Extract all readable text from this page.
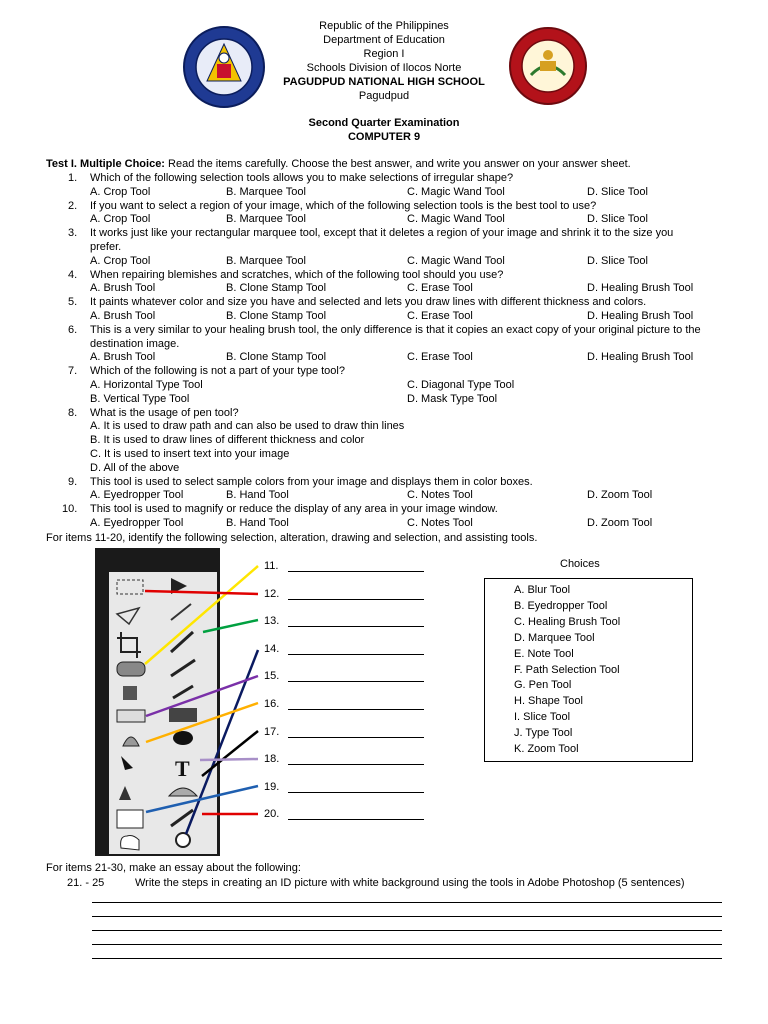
Republic of the Philippines
Department of Education
Region I
Schools Division of Ilocos Norte
PAGUDPUD NATIONAL HIGH SCHOOL
Pagudpud
Second Quarter Examination
COMPUTER 9
Test I. Multiple Choice: Read the items carefully. Choose the best answer, and write you answer on your answer sheet.
1. Which of the following selection tools allows you to make selections of irregular shape?
A. Crop Tool	B. Marquee Tool	C. Magic Wand Tool	D. Slice Tool
2. If you want to select a region of your image, which of the following selection tools is the best tool to use?
A. Crop Tool	B. Marquee Tool	C. Magic Wand Tool	D. Slice Tool
3. It works just like your rectangular marquee tool, except that it deletes a region of your image and shrink it to the size you
prefer.
A. Crop Tool	B. Marquee Tool	C. Magic Wand Tool	D. Slice Tool
4. When repairing blemishes and scratches, which of the following tool should you use?
A. Brush Tool	B. Clone Stamp Tool	C. Erase Tool	D. Healing Brush Tool
5. It paints whatever color and size you have and selected and lets you draw lines with different thickness and colors.
A. Brush Tool	B. Clone Stamp Tool	C. Erase Tool	D. Healing Brush Tool
6. This is a very similar to your healing brush tool, the only difference is that it copies an exact copy of your original picture to the
destination image.
A. Brush Tool	B. Clone Stamp Tool	C. Erase Tool	D. Healing Brush Tool
7. Which of the following is not a part of your type tool?
A. Horizontal Type Tool	C. Diagonal Type Tool
B. Vertical Type Tool	D. Mask Type Tool
8. What is the usage of pen tool?
A. It is used to draw path and can also be used to draw thin lines
B. It is used to draw lines of different thickness and color
C. It is used to insert text into your image
D. All of the above
9. This tool is used to select sample colors from your image and displays them in color boxes.
A. Eyedropper Tool	B. Hand Tool	C. Notes Tool	D. Zoom Tool
10. This tool is used to magnify or reduce the display of any area in your image window.
A. Eyedropper Tool	B. Hand Tool	C. Notes Tool	D. Zoom Tool
For items 11-20, identify the following selection, alteration, drawing and selection, and assisting tools.
T
11.
12.
13.
14.
15.
16.
17.
18.
19.
20.
Choices
A. Blur Tool
B. Eyedropper Tool
C. Healing Brush Tool
D. Marquee Tool
E. Note Tool
F. Path Selection Tool
G. Pen Tool
H. Shape Tool
I. Slice Tool
J. Type Tool
K. Zoom Tool
For items 21-30, make an essay about the following:
21. - 25	Write the steps in creating an ID picture with white background using the tools in Adobe Photoshop (5 sentences)
